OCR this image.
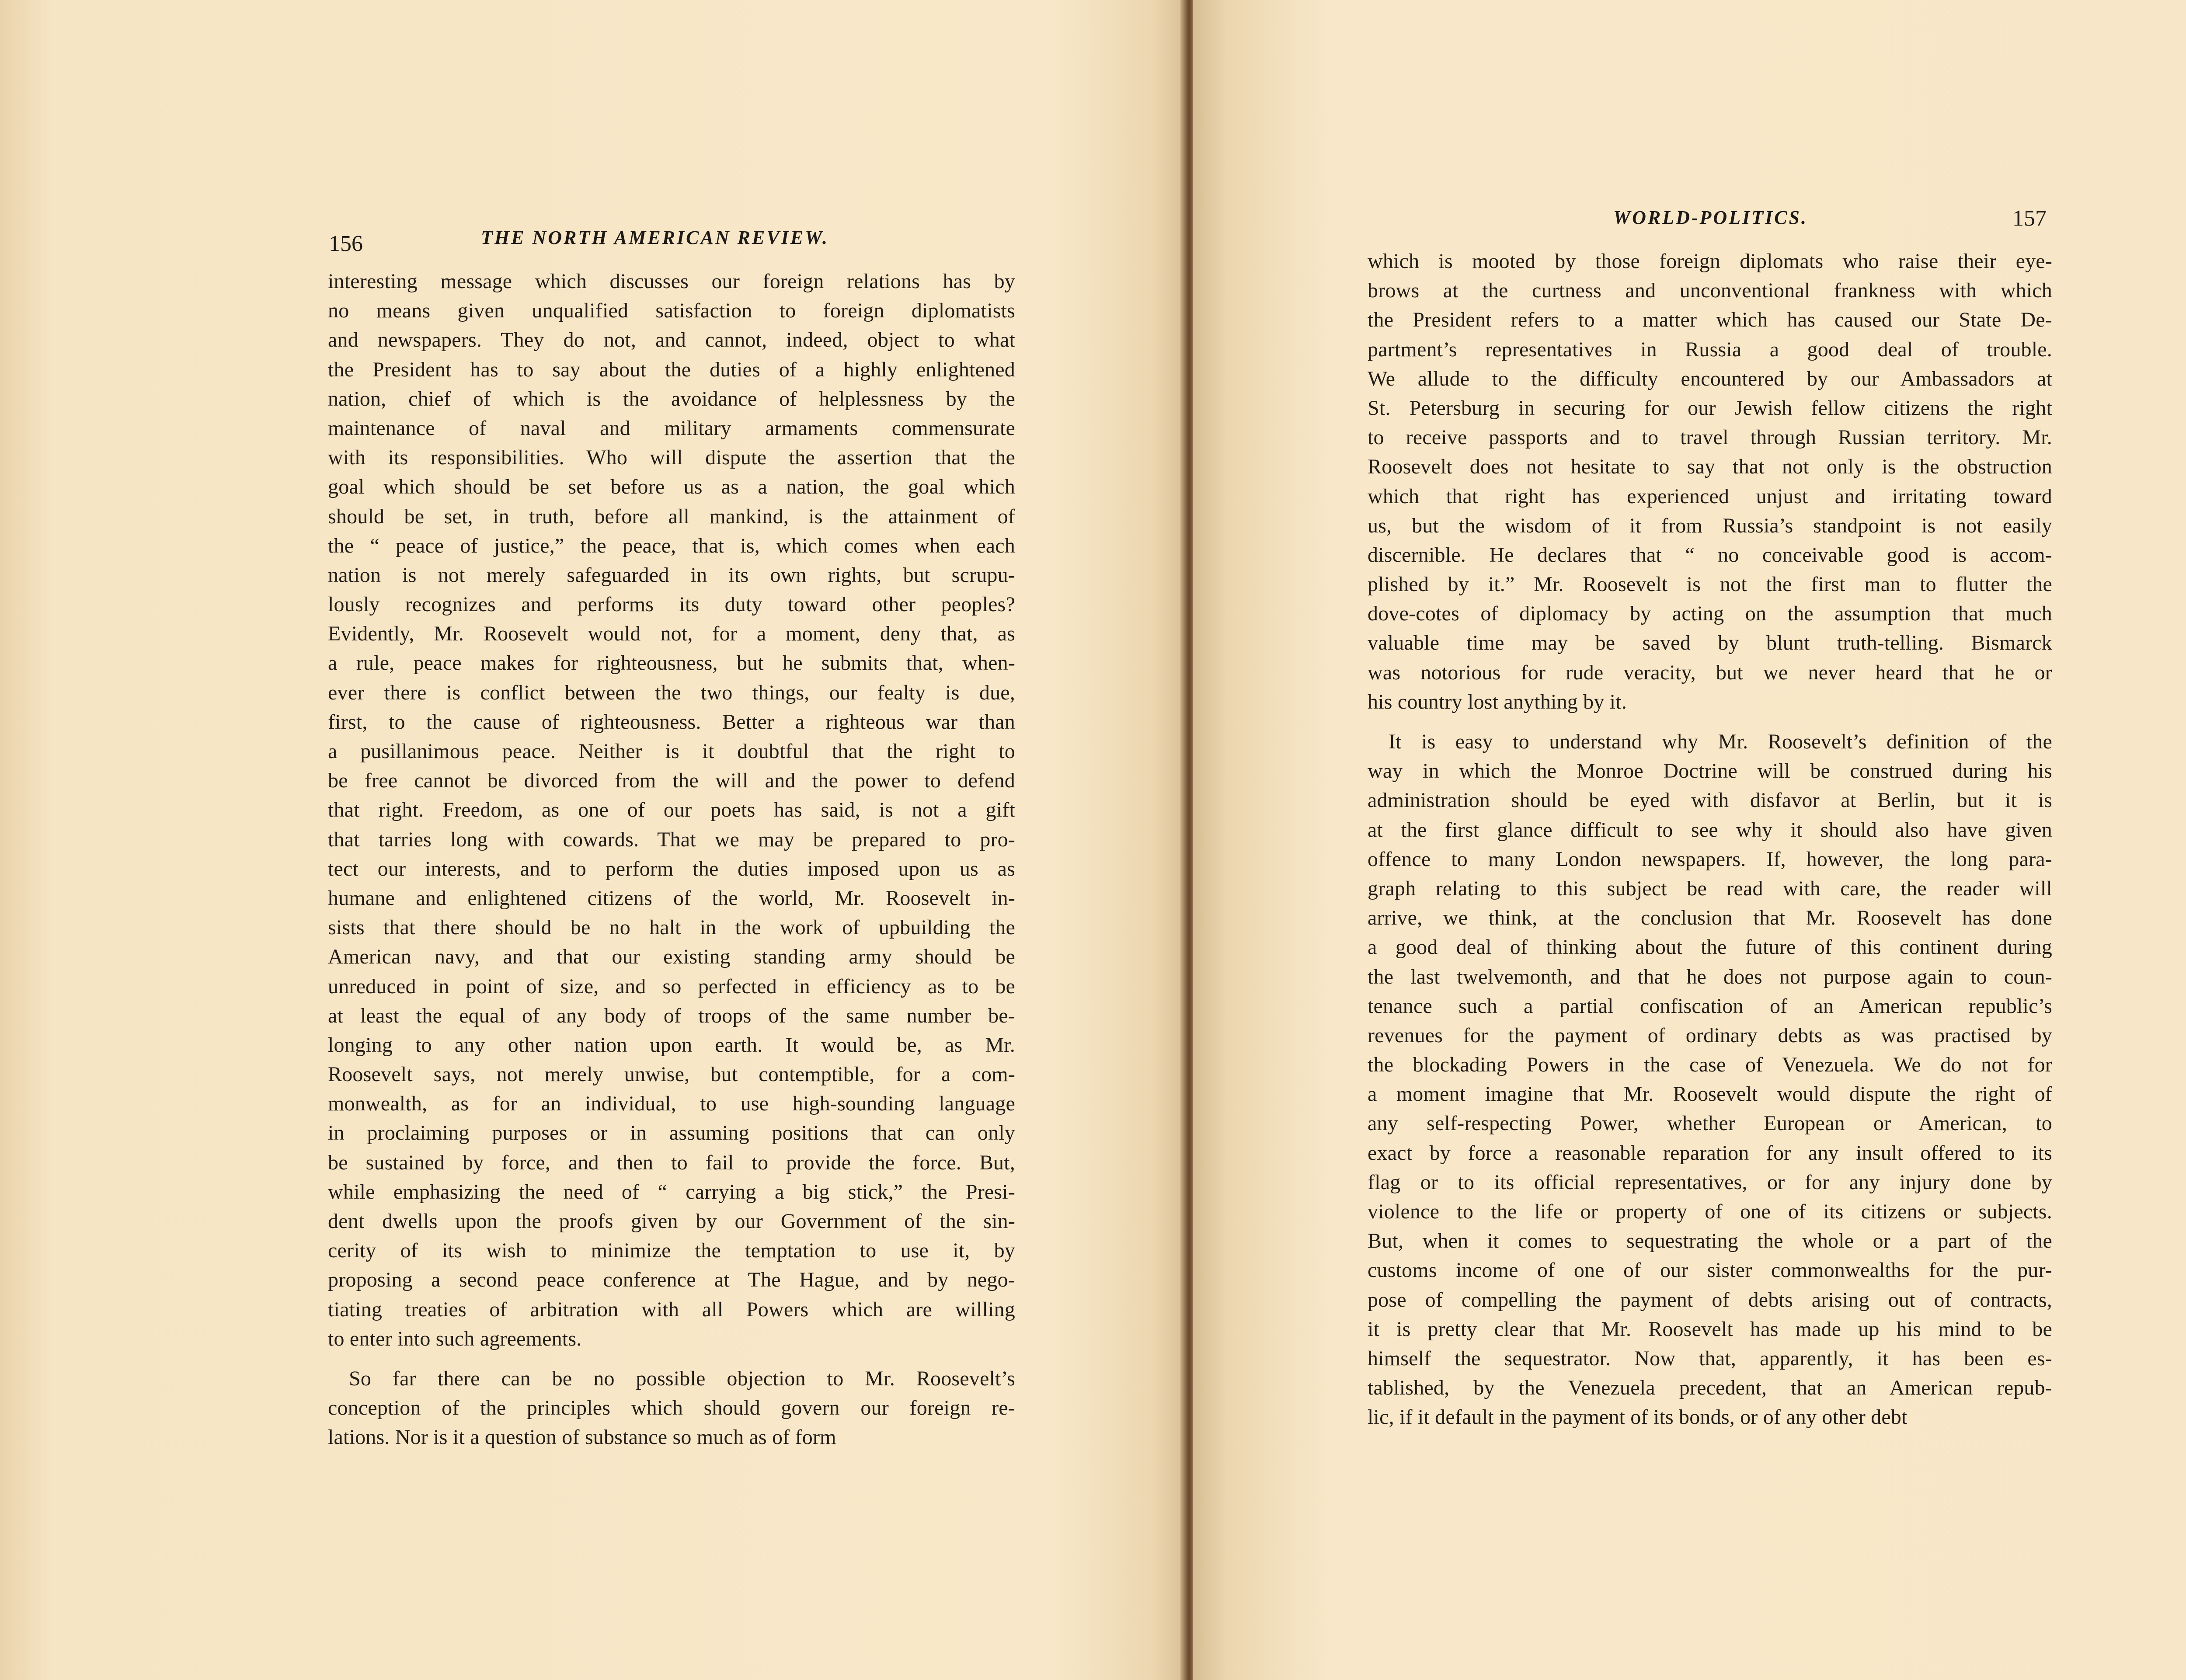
156	THE NORTH AMERICAN REVIEW.
interesting message which discusses our foreign relations has by
no means given unqualified satisfaction to foreign diplomatists
and newspapers. They do not, and cannot, indeed, object to what
the President has to say about the duties of a highly enlightened
nation, chief of which is the avoidance of helplessness by the
maintenance of naval and military armaments commensurate
with its responsibilities. Who will dispute the assertion that the
goal which should be set before us as a nation, the goal which
should be set, in truth, before all mankind, is the attainment of
the “ peace of justice,” the peace, that is, which comes when each
nation is not merely safeguarded in its own rights, but scrupu-
lously recognizes and performs its duty toward other peoples?
Evidently, Mr. Roosevelt would not, for a moment, deny that, as
a rule, peace makes for righteousness, but he submits that, when-
ever there is conflict between the two things, our fealty is due,
first, to the cause of righteousness. Better a righteous war than
a pusillanimous peace. Neither is it doubtful that the right to
be free cannot be divorced from the will and the power to defend
that right. Freedom, as one of our poets has said, is not a gift
that tarries long with cowards. That we may be prepared to pro-
tect our interests, and to perform the duties imposed upon us as
humane and enlightened citizens of the world, Mr. Roosevelt in-
sists that there should be no halt in the work of upbuilding the
American navy, and that our existing standing army should be
unreduced in point of size, and so perfected in efficiency as to be
at least the equal of any body of troops of the same number be-
longing to any other nation upon earth. It would be, as Mr.
Roosevelt says, not merely unwise, but contemptible, for a com-
monwealth, as for an individual, to use high-sounding language
in proclaiming purposes or in assuming positions that can only
be sustained by force, and then to fail to provide the force. But,
while emphasizing the need of “ carrying a big stick,” the Presi-
dent dwells upon the proofs given by our Government of the sin-
cerity of its wish to minimize the temptation to use it, by
proposing a second peace conference at The Hague, and by nego-
tiating treaties of arbitration with all Powers which are willing
to enter into such agreements.
So far there can be no possible objection to Mr. Roosevelt’s
conception of the principles which should govern our foreign re-
lations. Nor is it a question of substance so much as of form
WORLD-POLITICS.	157
which is mooted by those foreign diplomats who raise their eye-
brows at the curtness and unconventional frankness with which
the President refers to a matter which has caused our State De-
partment’s representatives in Russia a good deal of trouble.
We allude to the difficulty encountered by our Ambassadors at
St. Petersburg in securing for our Jewish fellow citizens the right
to receive passports and to travel through Russian territory. Mr.
Roosevelt does not hesitate to say that not only is the obstruction
which that right has experienced unjust and irritating toward
us, but the wisdom of it from Russia’s standpoint is not easily
discernible. He declares that “ no conceivable good is accom-
plished by it.” Mr. Roosevelt is not the first man to flutter the
dove-cotes of diplomacy by acting on the assumption that much
valuable time may be saved by blunt truth-telling. Bismarck
was notorious for rude veracity, but we never heard that he or
his country lost anything by it.
It is easy to understand why Mr. Roosevelt’s definition of the
way in which the Monroe Doctrine will be construed during his
administration should be eyed with disfavor at Berlin, but it is
at the first glance difficult to see why it should also have given
offence to many London newspapers. If, however, the long para-
graph relating to this subject be read with care, the reader will
arrive, we think, at the conclusion that Mr. Roosevelt has done
a good deal of thinking about the future of this continent during
the last twelvemonth, and that he does not purpose again to coun-
tenance such a partial confiscation of an American republic’s
revenues for the payment of ordinary debts as was practised by
the blockading Powers in the case of Venezuela. We do not for
a moment imagine that Mr. Roosevelt would dispute the right of
any self-respecting Power, whether European or American, to
exact by force a reasonable reparation for any insult offered to its
flag or to its official representatives, or for any injury done by
violence to the life or property of one of its citizens or subjects.
But, when it comes to sequestrating the whole or a part of the
customs income of one of our sister commonwealths for the pur-
pose of compelling the payment of debts arising out of contracts,
it is pretty clear that Mr. Roosevelt has made up his mind to be
himself the sequestrator. Now that, apparently, it has been es-
tablished, by the Venezuela precedent, that an American repub-
lic, if it default in the payment of its bonds, or of any other debt
